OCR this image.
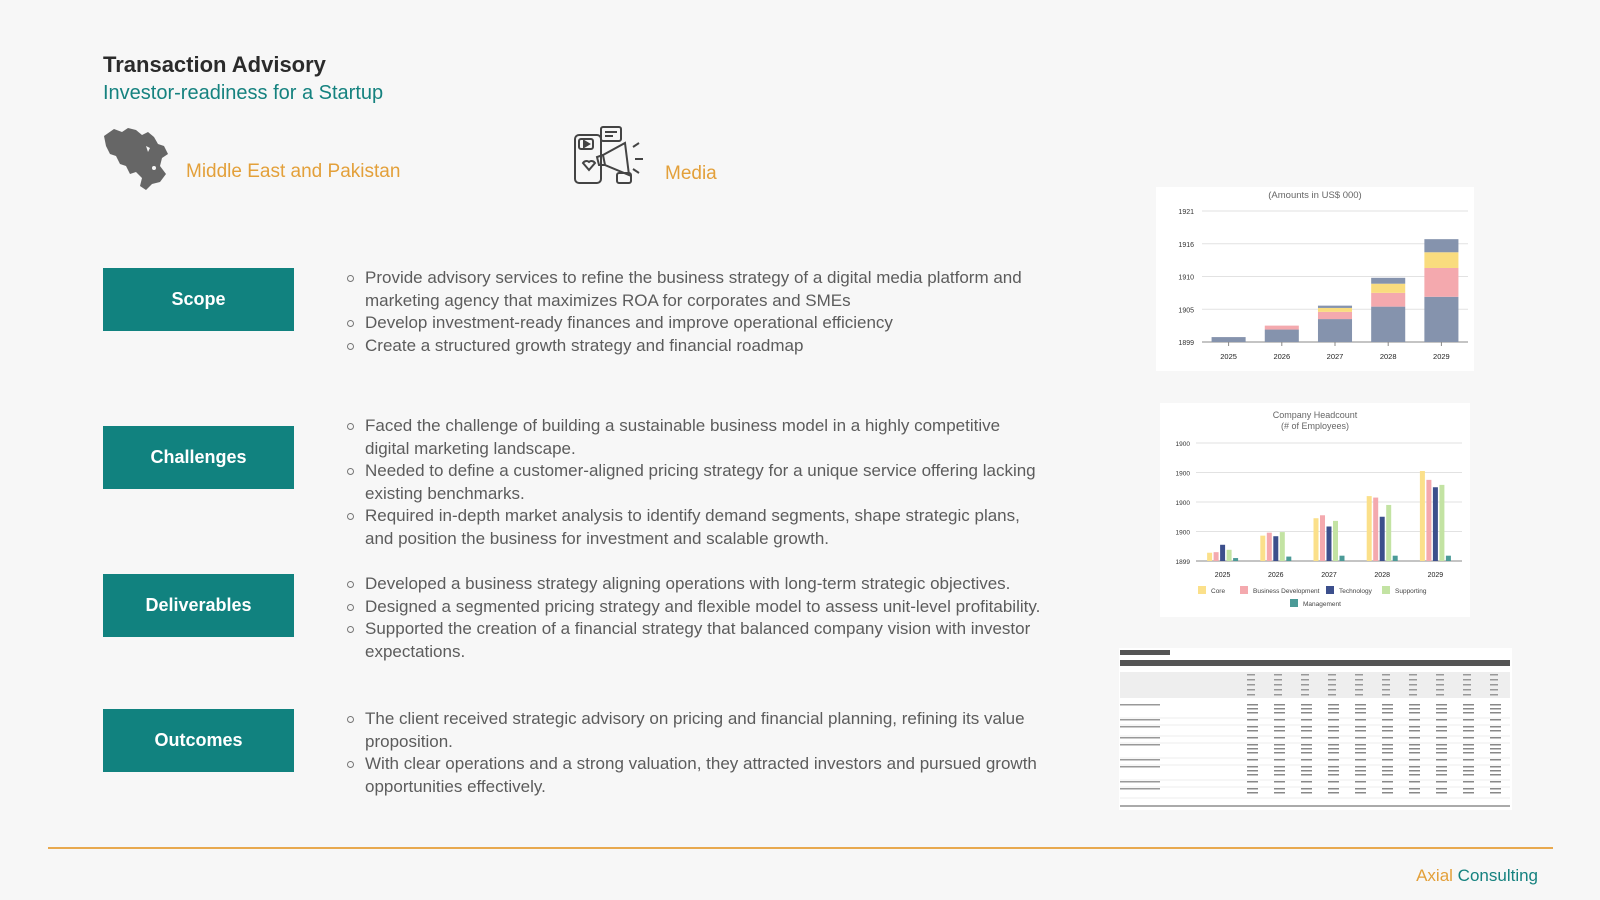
Transaction Advisory
Investor-readiness for a Startup
Middle East and Pakistan	Media
Scope
Provide advisory services to refine the business strategy of a digital media platform and marketing agency that maximizes ROA for corporates and SMEs
Develop investment-ready finances and improve operational efficiency
Create a structured growth strategy and financial roadmap
Challenges
Faced the challenge of building a sustainable business model in a highly competitive digital marketing landscape.
Needed to define a customer-aligned pricing strategy for a unique service offering lacking existing benchmarks.
Required in-depth market analysis to identify demand segments, shape strategic plans, and position the business for investment and scalable growth.
Deliverables
Developed a business strategy aligning operations with long-term strategic objectives.
Designed a segmented pricing strategy and flexible model to assess unit-level profitability.
Supported the creation of a financial strategy that balanced company vision with investor expectations.
Outcomes
The client received strategic advisory on pricing and financial planning, refining its value proposition.
With clear operations and a strong valuation, they attracted investors and pursued growth opportunities effectively.
(Amounts in US$ 000)
1899
1905
1910
1916
1921
2025	2026	2027	2028	2029
Company Headcount
(# of Employees)
1899
1900
1900
1900
1900
2025	2026	2027	2028	2029
Core	Business Development	Technology	Supporting
Management
Axial Consulting
